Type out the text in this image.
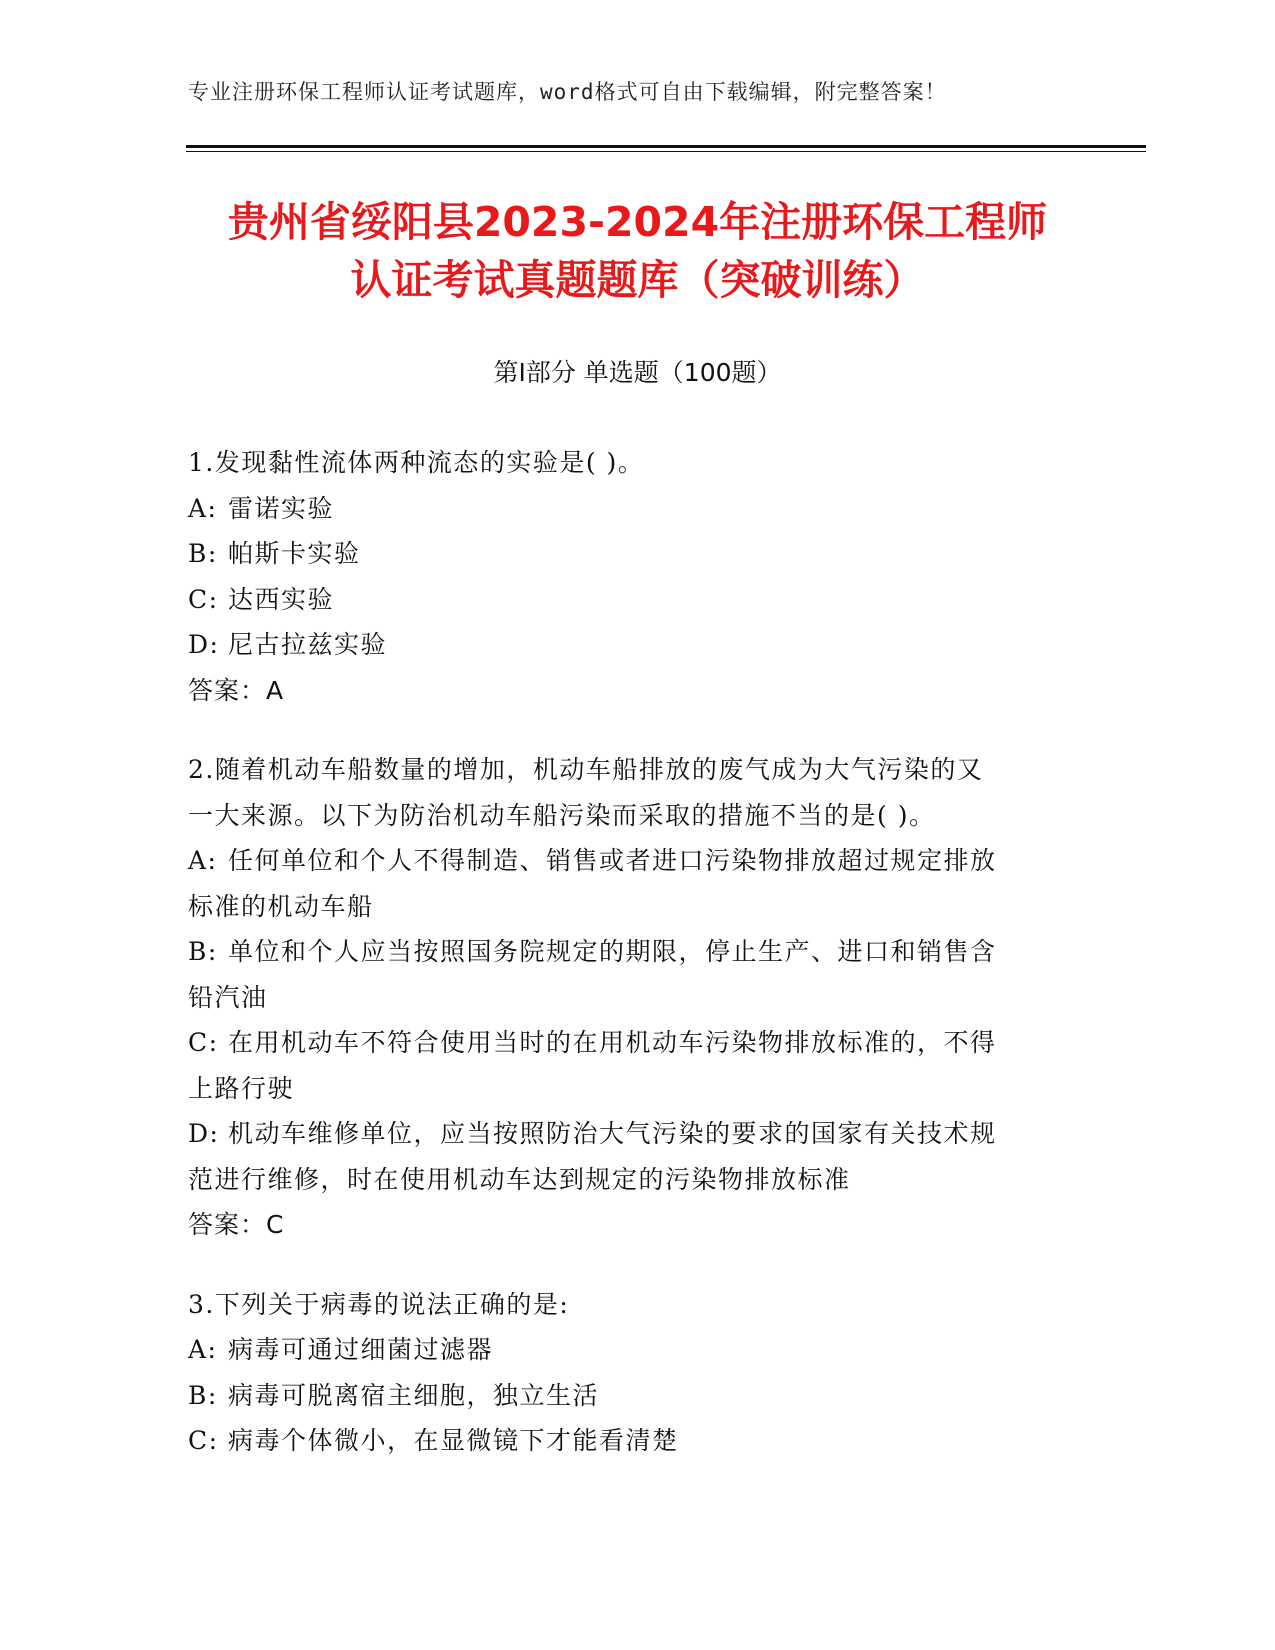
专业注册环保工程师认证考试题库，word格式可自由下载编辑，附完整答案！
贵州省绥阳县2023-2024年注册环保工程师
认证考试真题题库（突破训练）
第Ⅰ部分 单选题（100题）
1.发现黏性流体两种流态的实验是( )。
A: 雷诺实验
B: 帕斯卡实验
C: 达西实验
D: 尼古拉兹实验
答案：A
2.随着机动车船数量的增加，机动车船排放的废气成为大气污染的又
一大来源。以下为防治机动车船污染而采取的措施不当的是( )。
A: 任何单位和个人不得制造、销售或者进口污染物排放超过规定排放
标准的机动车船
B: 单位和个人应当按照国务院规定的期限，停止生产、进口和销售含
铅汽油
C: 在用机动车不符合使用当时的在用机动车污染物排放标准的，不得
上路行驶
D: 机动车维修单位，应当按照防治大气污染的要求的国家有关技术规
范进行维修，时在使用机动车达到规定的污染物排放标准
答案：C
3.下列关于病毒的说法正确的是:
A: 病毒可通过细菌过滤器
B: 病毒可脱离宿主细胞，独立生活
C: 病毒个体微小，在显微镜下才能看清楚
